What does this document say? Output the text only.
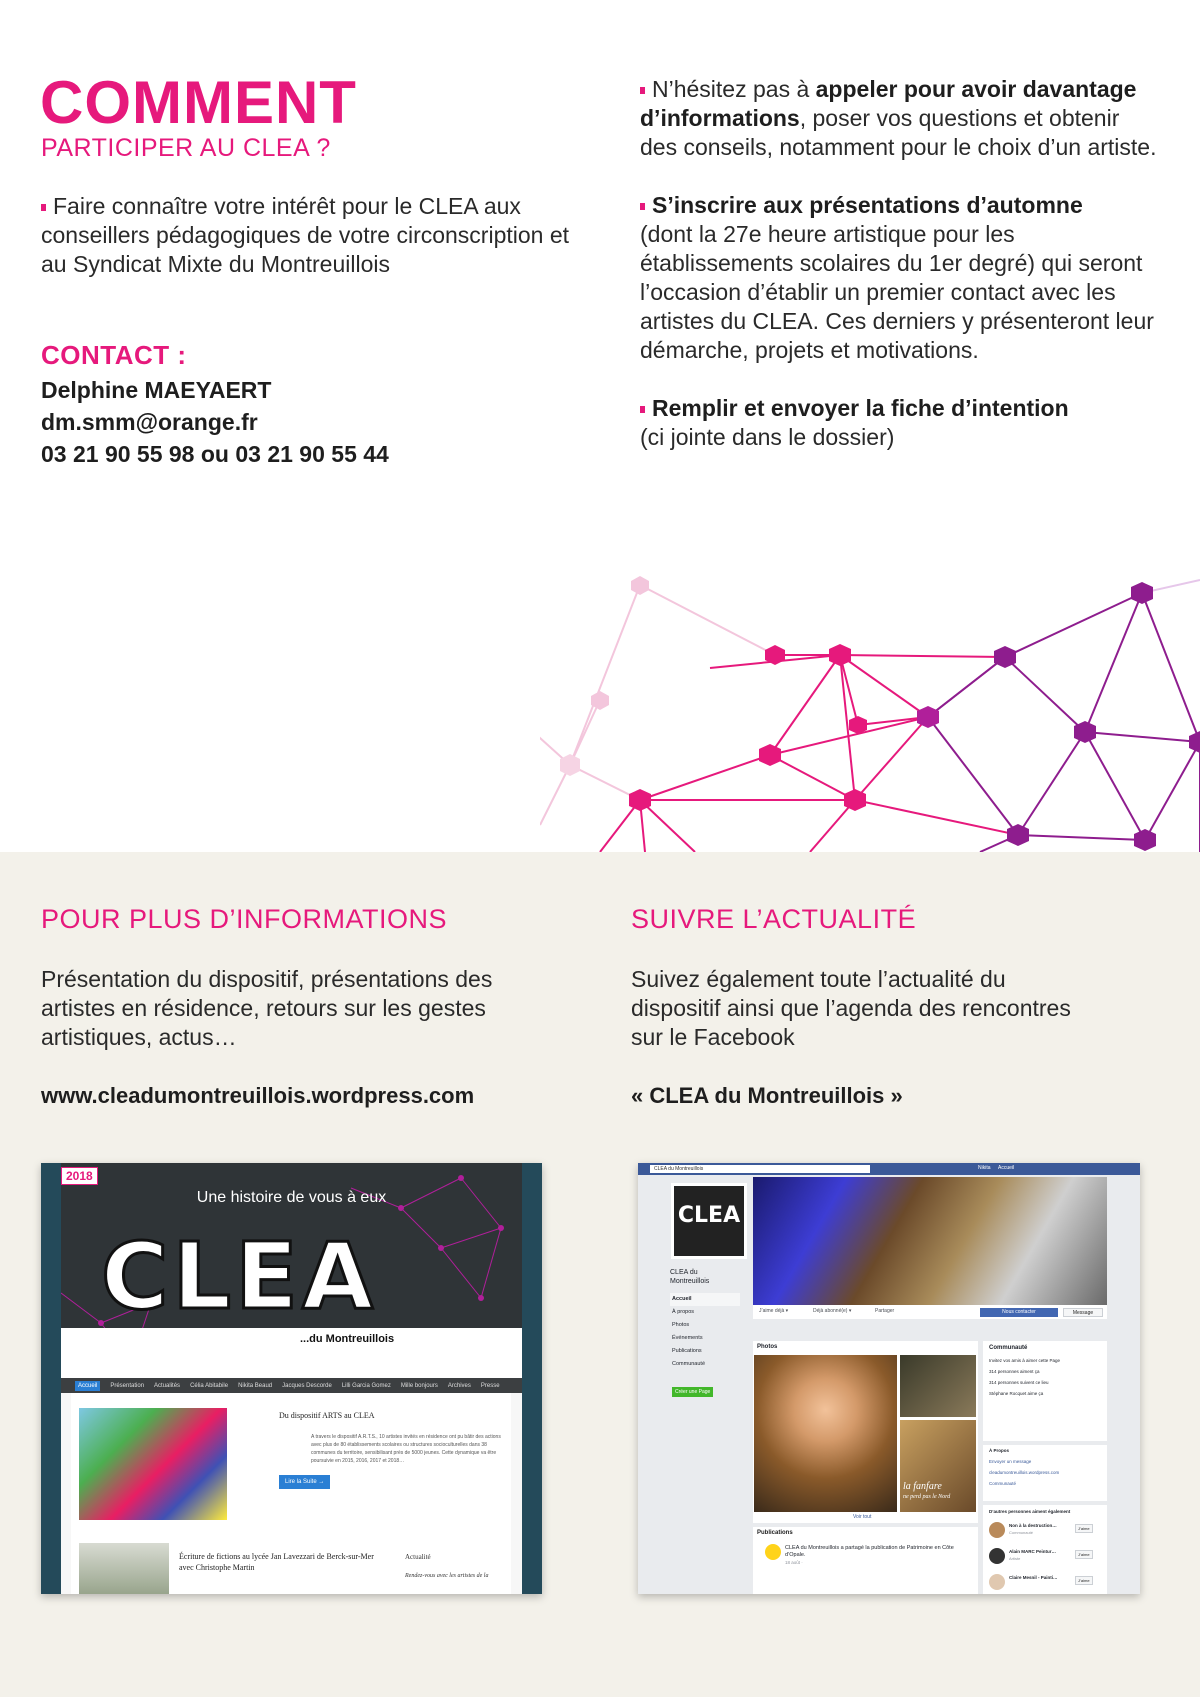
COMMENT
PARTICIPER AU CLEA ?
Faire connaître votre intérêt pour le CLEA aux conseillers pédagogiques de votre circonscription et au Syndicat Mixte du Montreuillois
CONTACT :
Delphine MAEYAERT
dm.smm@orange.fr
03 21 90 55 98 ou 03 21 90 55 44

N’hésitez pas à appeler pour avoir davantage d’informations, poser vos questions et obtenir des conseils, notamment pour le choix d’un artiste.

S’inscrire aux présentations d’automne
(dont la 27e heure artistique pour les établissements scolaires du 1er degré) qui seront l’occasion d’établir un premier contact avec les artistes du CLEA. Ces derniers y présenteront leur démarche, projets et motivations.

Remplir et envoyer la fiche d’intention
(ci jointe dans le dossier)

POUR PLUS D’INFORMATIONS
Présentation du dispositif, présentations des artistes en résidence, retours sur les gestes artistiques, actus…
www.cleadumontreuillois.wordpress.com
SUIVRE L’ACTUALITÉ
Suivez également toute l’actualité du dispositif ainsi que l’agenda des rencontres sur le Facebook
« CLEA du Montreuillois »
2018
Une histoire de vous à eux
CLEA
...du Montreuillois
Accueil	Présentation Actualités Célia Abitabile Nikita Beaud Jacques Descorde Lilli Garcia Gomez Mille bonjours Archives Presse
Du dispositif ARTS au CLEA
A travers le dispositif A.R.T.S., 10 artistes invités en résidence ont pu bâtir des actions avec plus de 80 établissements scolaires ou structures socioculturelles dans 38 communes du territoire, sensibilisant près de 5000 jeunes. Cette dynamique va être poursuivie en 2015, 2016, 2017 et 2018…
Lire la Suite →
Écriture de fictions au lycée Jan Lavezzari de Berck-sur-Mer avec Christophe Martin
Actualité
Rendez-vous avec les artistes de la
CLEA du Montreuillois	Nikita Accueil
CLEA
CLEA du Montreuillois
Accueil
À propos
Photos
Événements
Publications
Communauté
Créer une Page
J’aime déjà ▾	Déjà abonné(e) ▾	Partager	Nous contacter	Message
Photos
la fanfare
ne perd pas le Nord
Voir tout
Publications
CLEA du Montreuillois a partagé la publication de Patrimoine en Côte d’Opale.
18 août ·
Communauté
Invitez vos amis à aimer cette Page
314 personnes aiment ça
314 personnes suivent ce lieu
Stéphane Rocquet aime ça
À Propos
Envoyer un message
cleadumontreuillois.wordpress.com
Communauté
D’autres personnes aiment également
Non à la destruction…
Communauté
J’aime
Alain MARC Peintur…
Artiste
J’aime
Claire Mesnil - Painti…
J’aime
